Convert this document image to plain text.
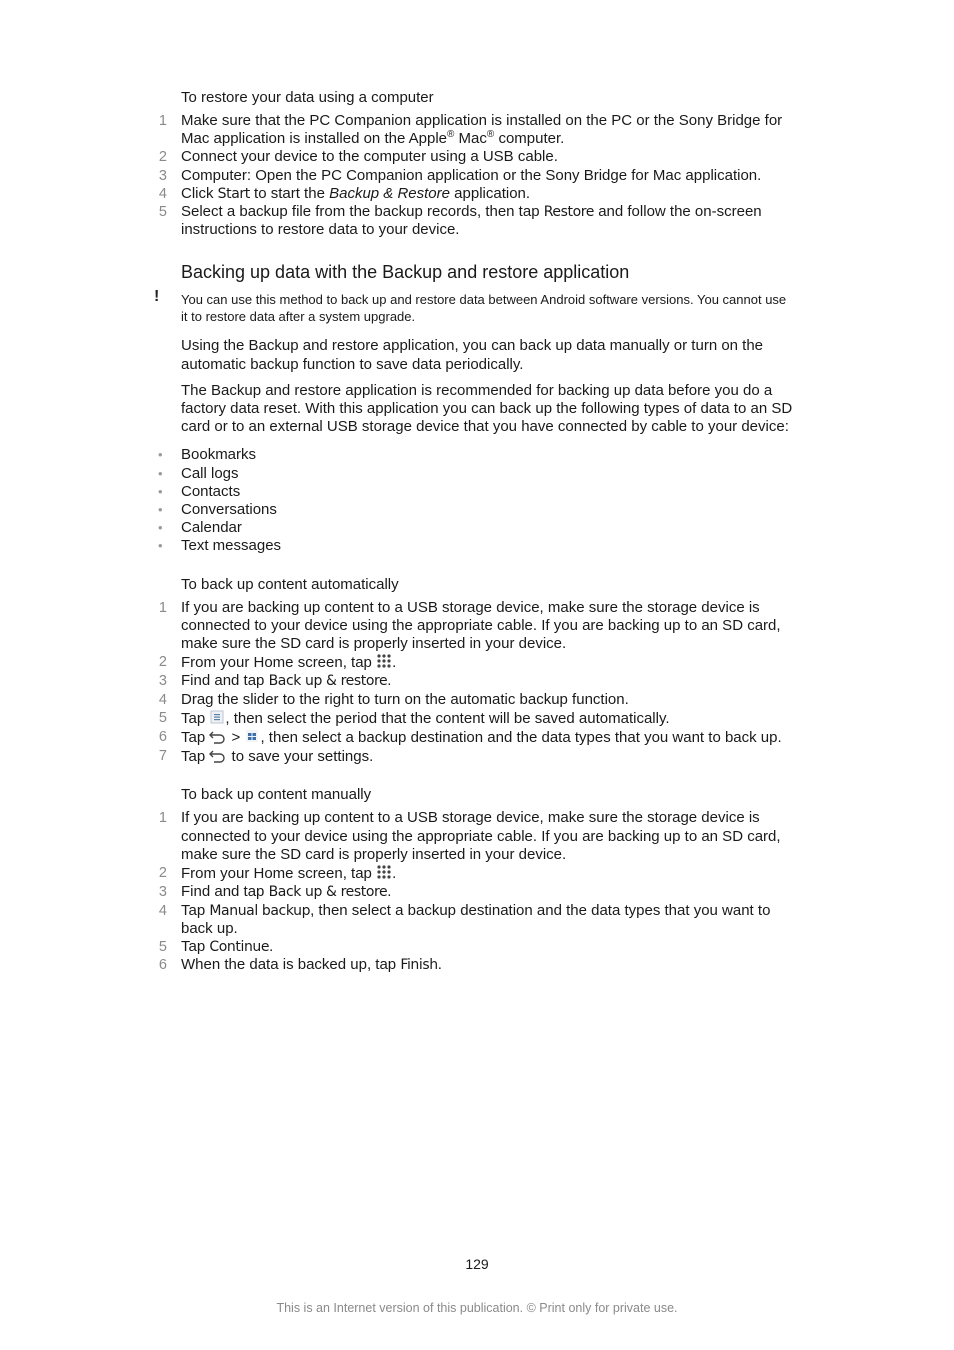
To restore your data using a computer
1 Make sure that the PC Companion application is installed on the PC or the Sony Bridge for Mac application is installed on the Apple® Mac® computer.
2 Connect your device to the computer using a USB cable.
3 Computer: Open the PC Companion application or the Sony Bridge for Mac application.
4 Click Start to start the Backup & Restore application.
5 Select a backup file from the backup records, then tap Restore and follow the on-screen instructions to restore data to your device.
Backing up data with the Backup and restore application
! You can use this method to back up and restore data between Android software versions. You cannot use it to restore data after a system upgrade.

Using the Backup and restore application, you can back up data manually or turn on the automatic backup function to save data periodically.

The Backup and restore application is recommended for backing up data before you do a factory data reset. With this application you can back up the following types of data to an SD card or to an external USB storage device that you have connected by cable to your device:

• Bookmarks
• Call logs
• Contacts
• Conversations
• Calendar
• Text messages
To back up content automatically
1 If you are backing up content to a USB storage device, make sure the storage device is connected to your device using the appropriate cable. If you are backing up to an SD card, make sure the SD card is properly inserted in your device.
2 From your Home screen, tap .
3 Find and tap Back up & restore.
4 Drag the slider to the right to turn on the automatic backup function.
5 Tap , then select the period that the content will be saved automatically.
6 Tap  > , then select a backup destination and the data types that you want to back up.
7 Tap  to save your settings.
To back up content manually
1 If you are backing up content to a USB storage device, make sure the storage device is connected to your device using the appropriate cable. If you are backing up to an SD card, make sure the SD card is properly inserted in your device.
2 From your Home screen, tap .
3 Find and tap Back up & restore.
4 Tap Manual backup, then select a backup destination and the data types that you want to back up.
5 Tap Continue.
6 When the data is backed up, tap Finish.
129
This is an Internet version of this publication. © Print only for private use.
